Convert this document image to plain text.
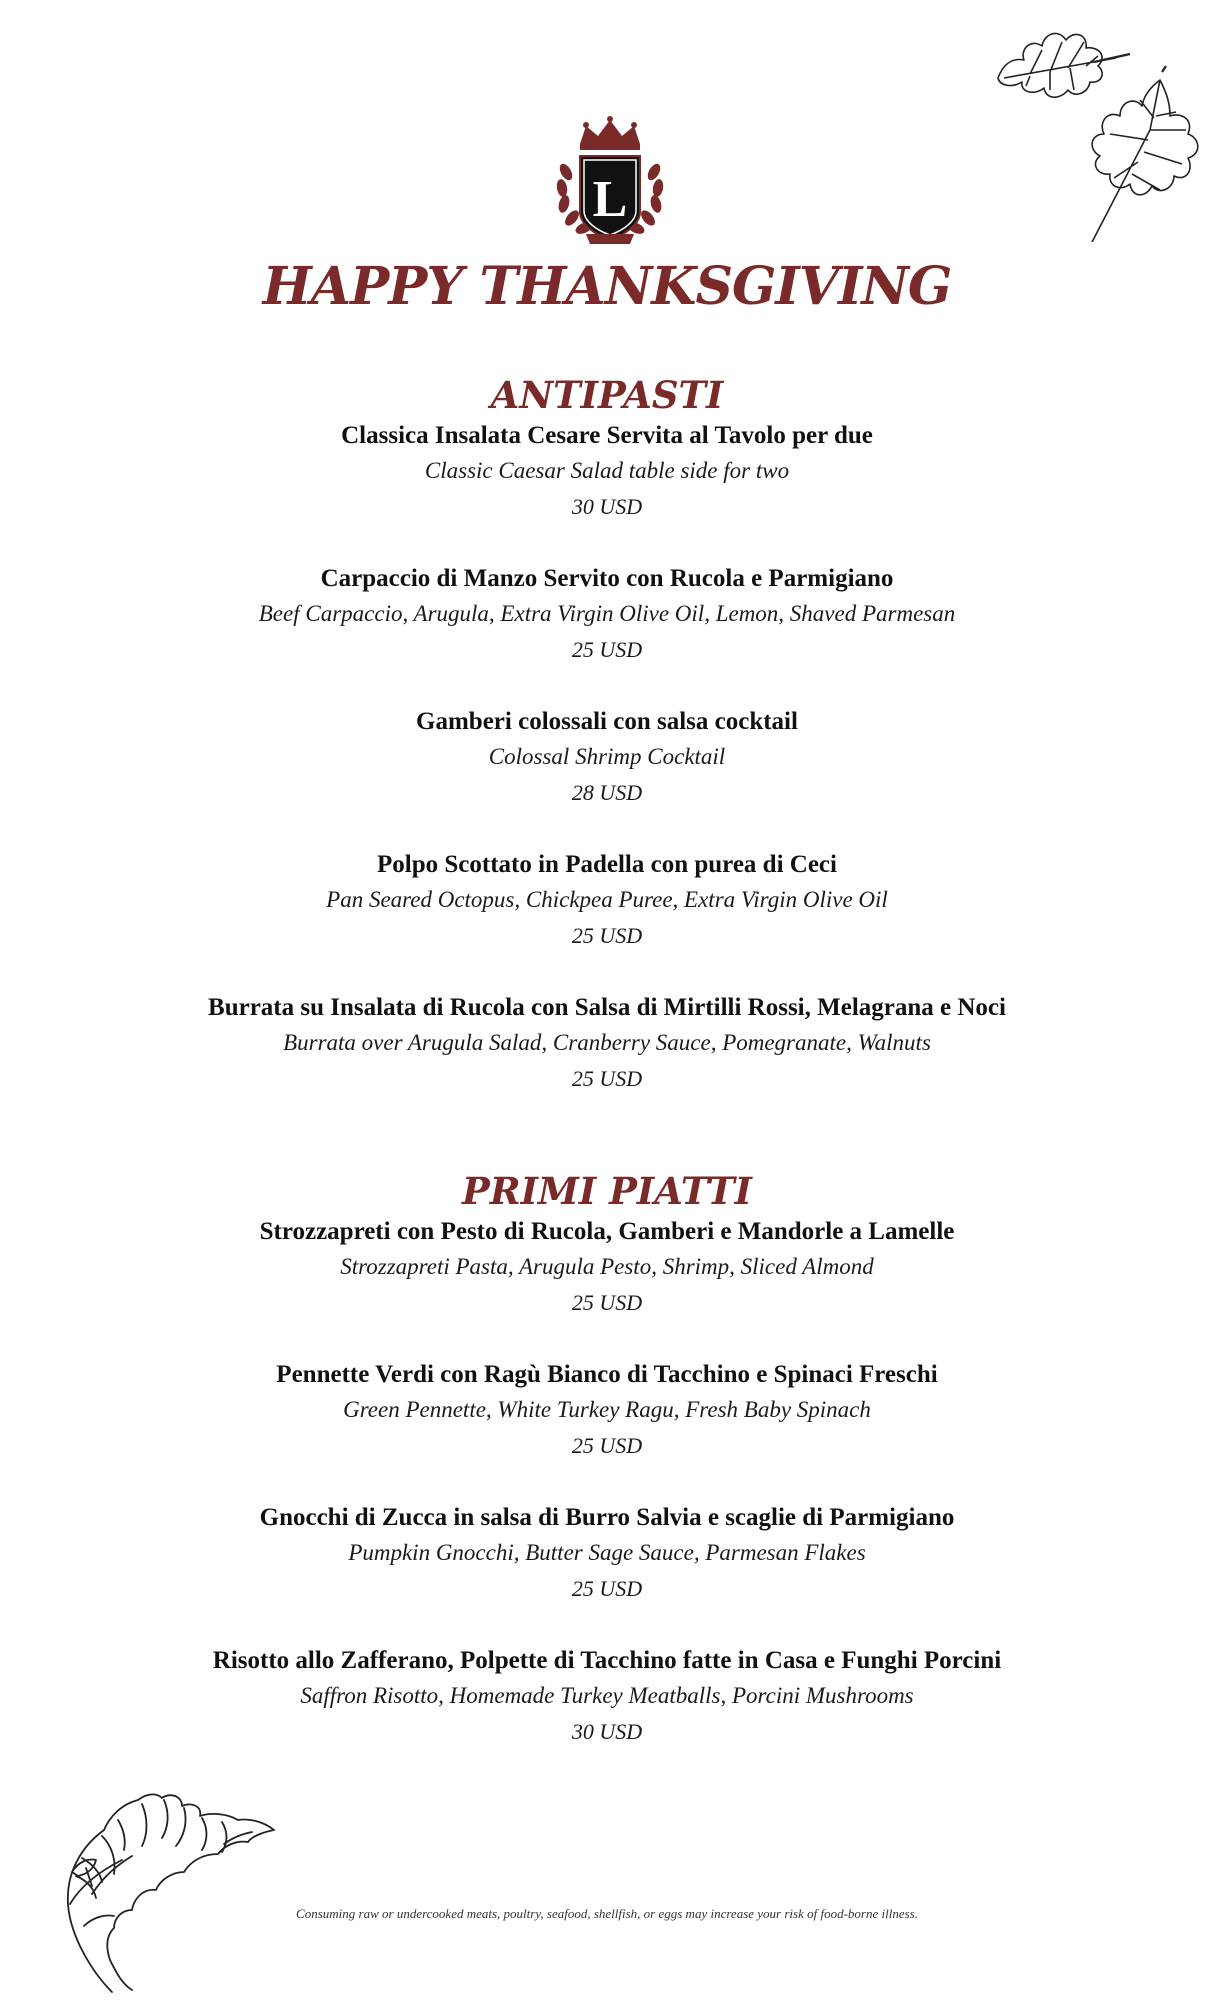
L
HAPPY THANKSGIVING
ANTIPASTI
Classica Insalata Cesare Servita al Tavolo per due
Classic Caesar Salad table side for two
30 USD
Carpaccio di Manzo Servito con Rucola e Parmigiano
Beef Carpaccio, Arugula, Extra Virgin Olive Oil, Lemon, Shaved Parmesan
25 USD
Gamberi colossali con salsa cocktail
Colossal Shrimp Cocktail
28 USD
Polpo Scottato in Padella con purea di Ceci
Pan Seared Octopus, Chickpea Puree, Extra Virgin Olive Oil
25 USD
Burrata su Insalata di Rucola con Salsa di Mirtilli Rossi, Melagrana e Noci
Burrata over Arugula Salad, Cranberry Sauce, Pomegranate, Walnuts
25 USD
PRIMI PIATTI
Strozzapreti con Pesto di Rucola, Gamberi e Mandorle a Lamelle
Strozzapreti Pasta, Arugula Pesto, Shrimp, Sliced Almond
25 USD
Pennette Verdi con Ragù Bianco di Tacchino e Spinaci Freschi
Green Pennette, White Turkey Ragu, Fresh Baby Spinach
25 USD
Gnocchi di Zucca in salsa di Burro Salvia e scaglie di Parmigiano
Pumpkin Gnocchi, Butter Sage Sauce, Parmesan Flakes
25 USD
Risotto allo Zafferano, Polpette di Tacchino fatte in Casa e Funghi Porcini
Saffron Risotto, Homemade Turkey Meatballs, Porcini Mushrooms
30 USD
Consuming raw or undercooked meats, poultry, seafood, shellfish, or eggs may increase your risk of food-borne illness.
